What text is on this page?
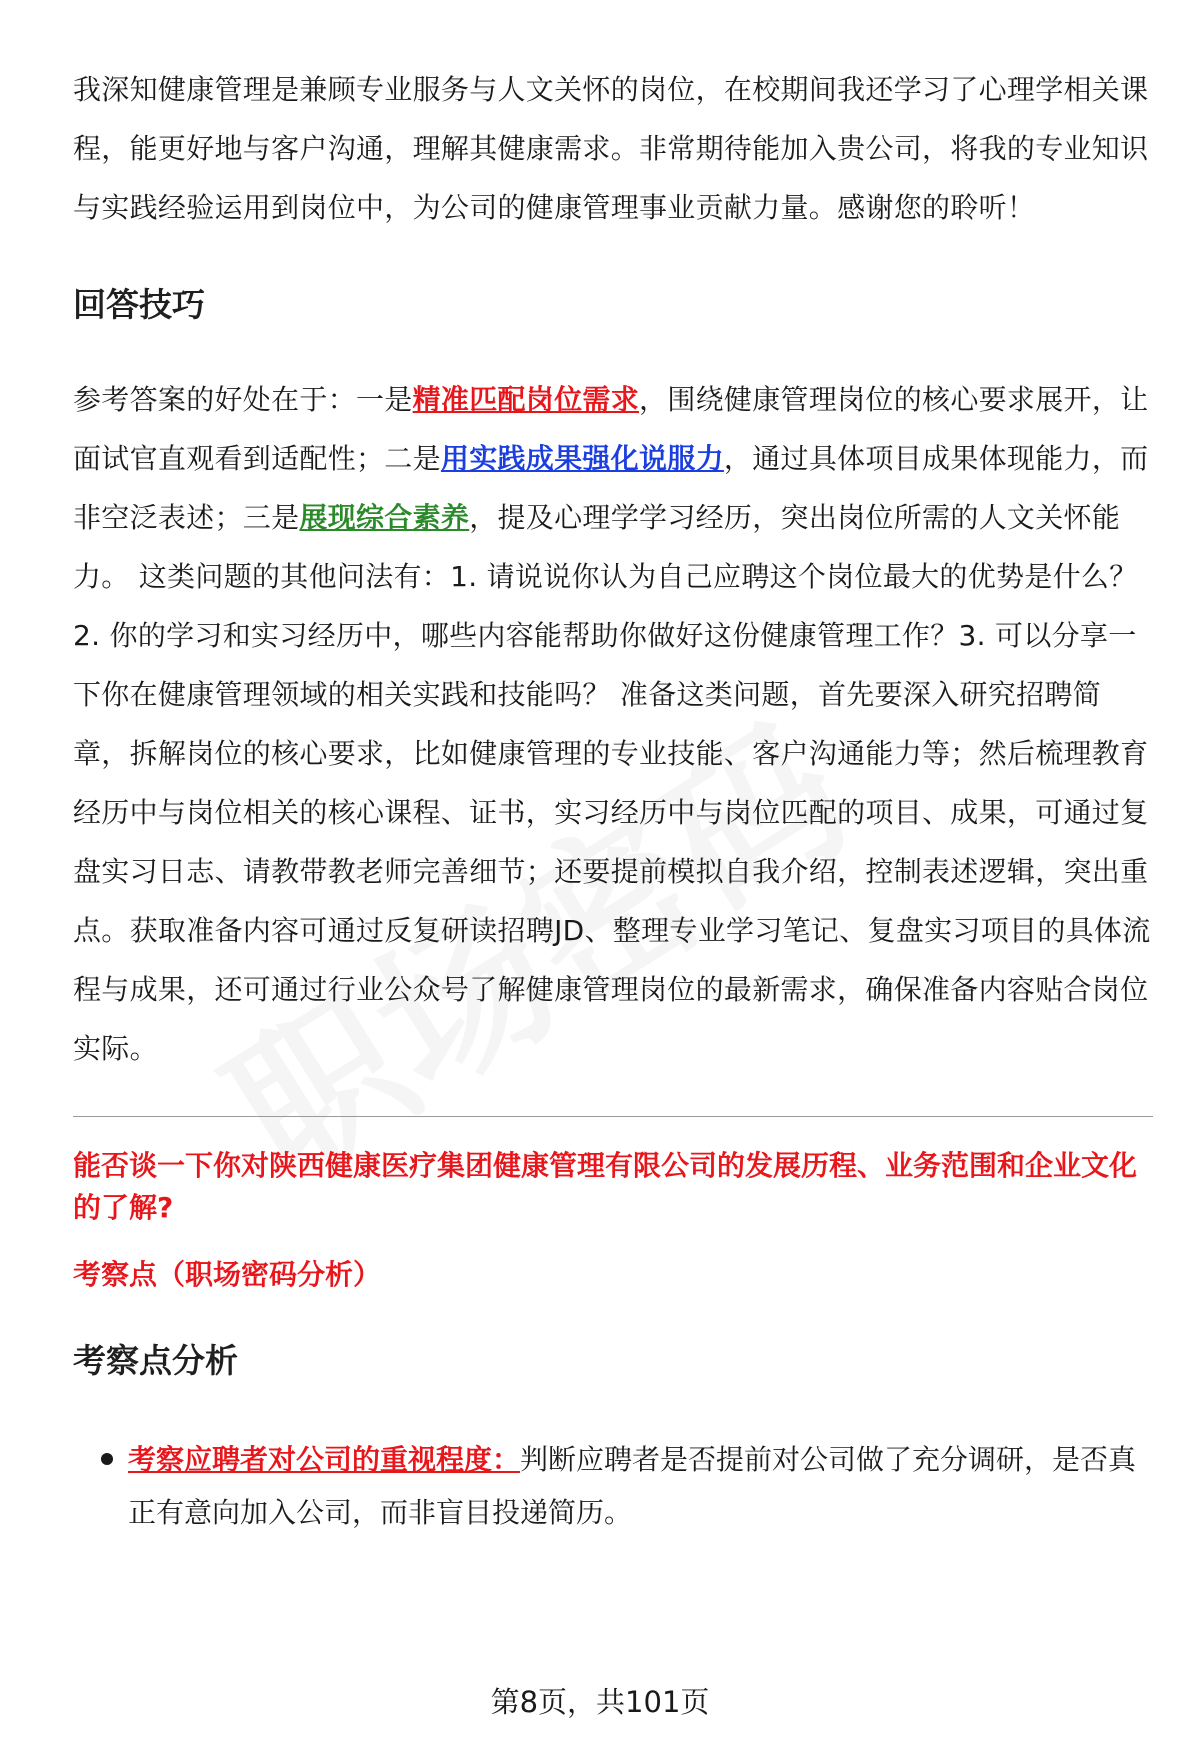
我深知健康管理是兼顾专业服务与人文关怀的岗位，在校期间我还学习了心理学相关课程，能更好地与客户沟通，理解其健康需求。非常期待能加入贵公司，将我的专业知识与实践经验运用到岗位中，为公司的健康管理事业贡献力量。感谢您的聆听！

回答技巧

参考答案的好处在于：一是精准匹配岗位需求，围绕健康管理岗位的核心要求展开，让面试官直观看到适配性；二是用实践成果强化说服力，通过具体项目成果体现能力，而非空泛表述；三是展现综合素养，提及心理学学习经历，突出岗位所需的人文关怀能力。 这类问题的其他问法有：1. 请说说你认为自己应聘这个岗位最大的优势是什么？2. 你的学习和实习经历中，哪些内容能帮助你做好这份健康管理工作？3. 可以分享一下你在健康管理领域的相关实践和技能吗？ 准备这类问题，首先要深入研究招聘简章，拆解岗位的核心要求，比如健康管理的专业技能、客户沟通能力等；然后梳理教育经历中与岗位相关的核心课程、证书，实习经历中与岗位匹配的项目、成果，可通过复盘实习日志、请教带教老师完善细节；还要提前模拟自我介绍，控制表述逻辑，突出重点。获取准备内容可通过反复研读招聘JD、整理专业学习笔记、复盘实习项目的具体流程与成果，还可通过行业公众号了解健康管理岗位的最新需求，确保准备内容贴合岗位实际。

能否谈一下你对陕西健康医疗集团健康管理有限公司的发展历程、业务范围和企业文化的了解?

考察点（职场密码分析）

考察点分析
考察应聘者对公司的重视程度：判断应聘者是否提前对公司做了充分调研，是否真正有意向加入公司，而非盲目投递简历。
第8页，共101页
